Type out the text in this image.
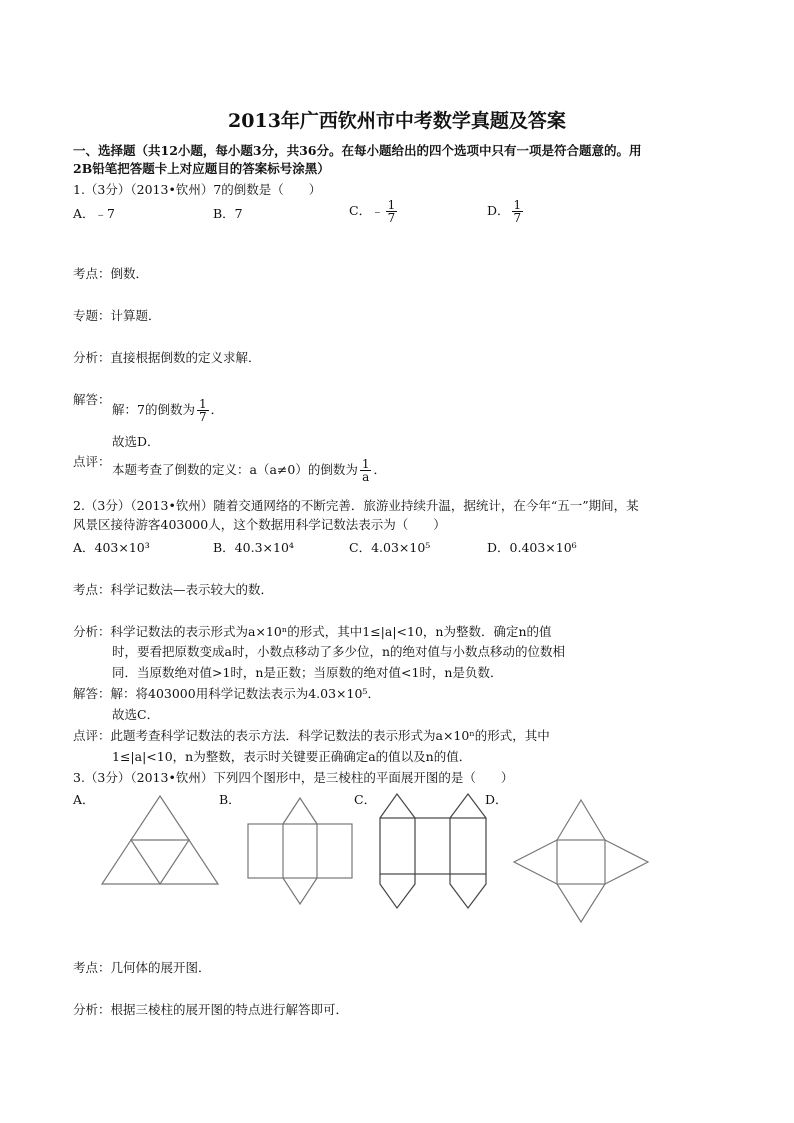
2013年广西钦州市中考数学真题及答案
一、选择题（共12小题，每小题3分，共36分。在每小题给出的四个选项中只有一项是符合题意的。用
2B铅笔把答题卡上对应题目的答案标号涂黑）
1.（3分）（2013•钦州）7的倒数是（　　）
A．﹣7	B．7	C．﹣ $\frac{1}{7}$	D． $\frac{1}{7}$
考点：倒数．
专题：计算题．
分析：直接根据倒数的定义求解．
解答：
解：7的倒数为 $\frac{1}{7}$ ．
故选D．
点评：
本题考查了倒数的定义：a（a≠0）的倒数为 $\frac{1}{a}$ ．
2.（3分）（2013•钦州）随着交通网络的不断完善．旅游业持续升温，据统计，在今年“五一”期间，某
风景区接待游客403000人，这个数据用科学记数法表示为（　　）
A．403×10³	B．40.3×10⁴	C．4.03×10⁵	D．0.403×10⁶
考点：科学记数法—表示较大的数．
分析：科学记数法的表示形式为a×10ⁿ的形式，其中1≤|a|<10，n为整数．确定n的值
时，要看把原数变成a时，小数点移动了多少位，n的绝对值与小数点移动的位数相
同．当原数绝对值>1时，n是正数；当原数的绝对值<1时，n是负数．
解答：解：将403000用科学记数法表示为4.03×10⁵．
故选C．
点评：此题考查科学记数法的表示方法．科学记数法的表示形式为a×10ⁿ的形式，其中
1≤|a|<10，n为整数，表示时关键要正确确定a的值以及n的值．
3.（3分）（2013•钦州）下列四个图形中，是三棱柱的平面展开图的是（　　）
A．	B．	C．	D．
考点：几何体的展开图．
分析：根据三棱柱的展开图的特点进行解答即可．
